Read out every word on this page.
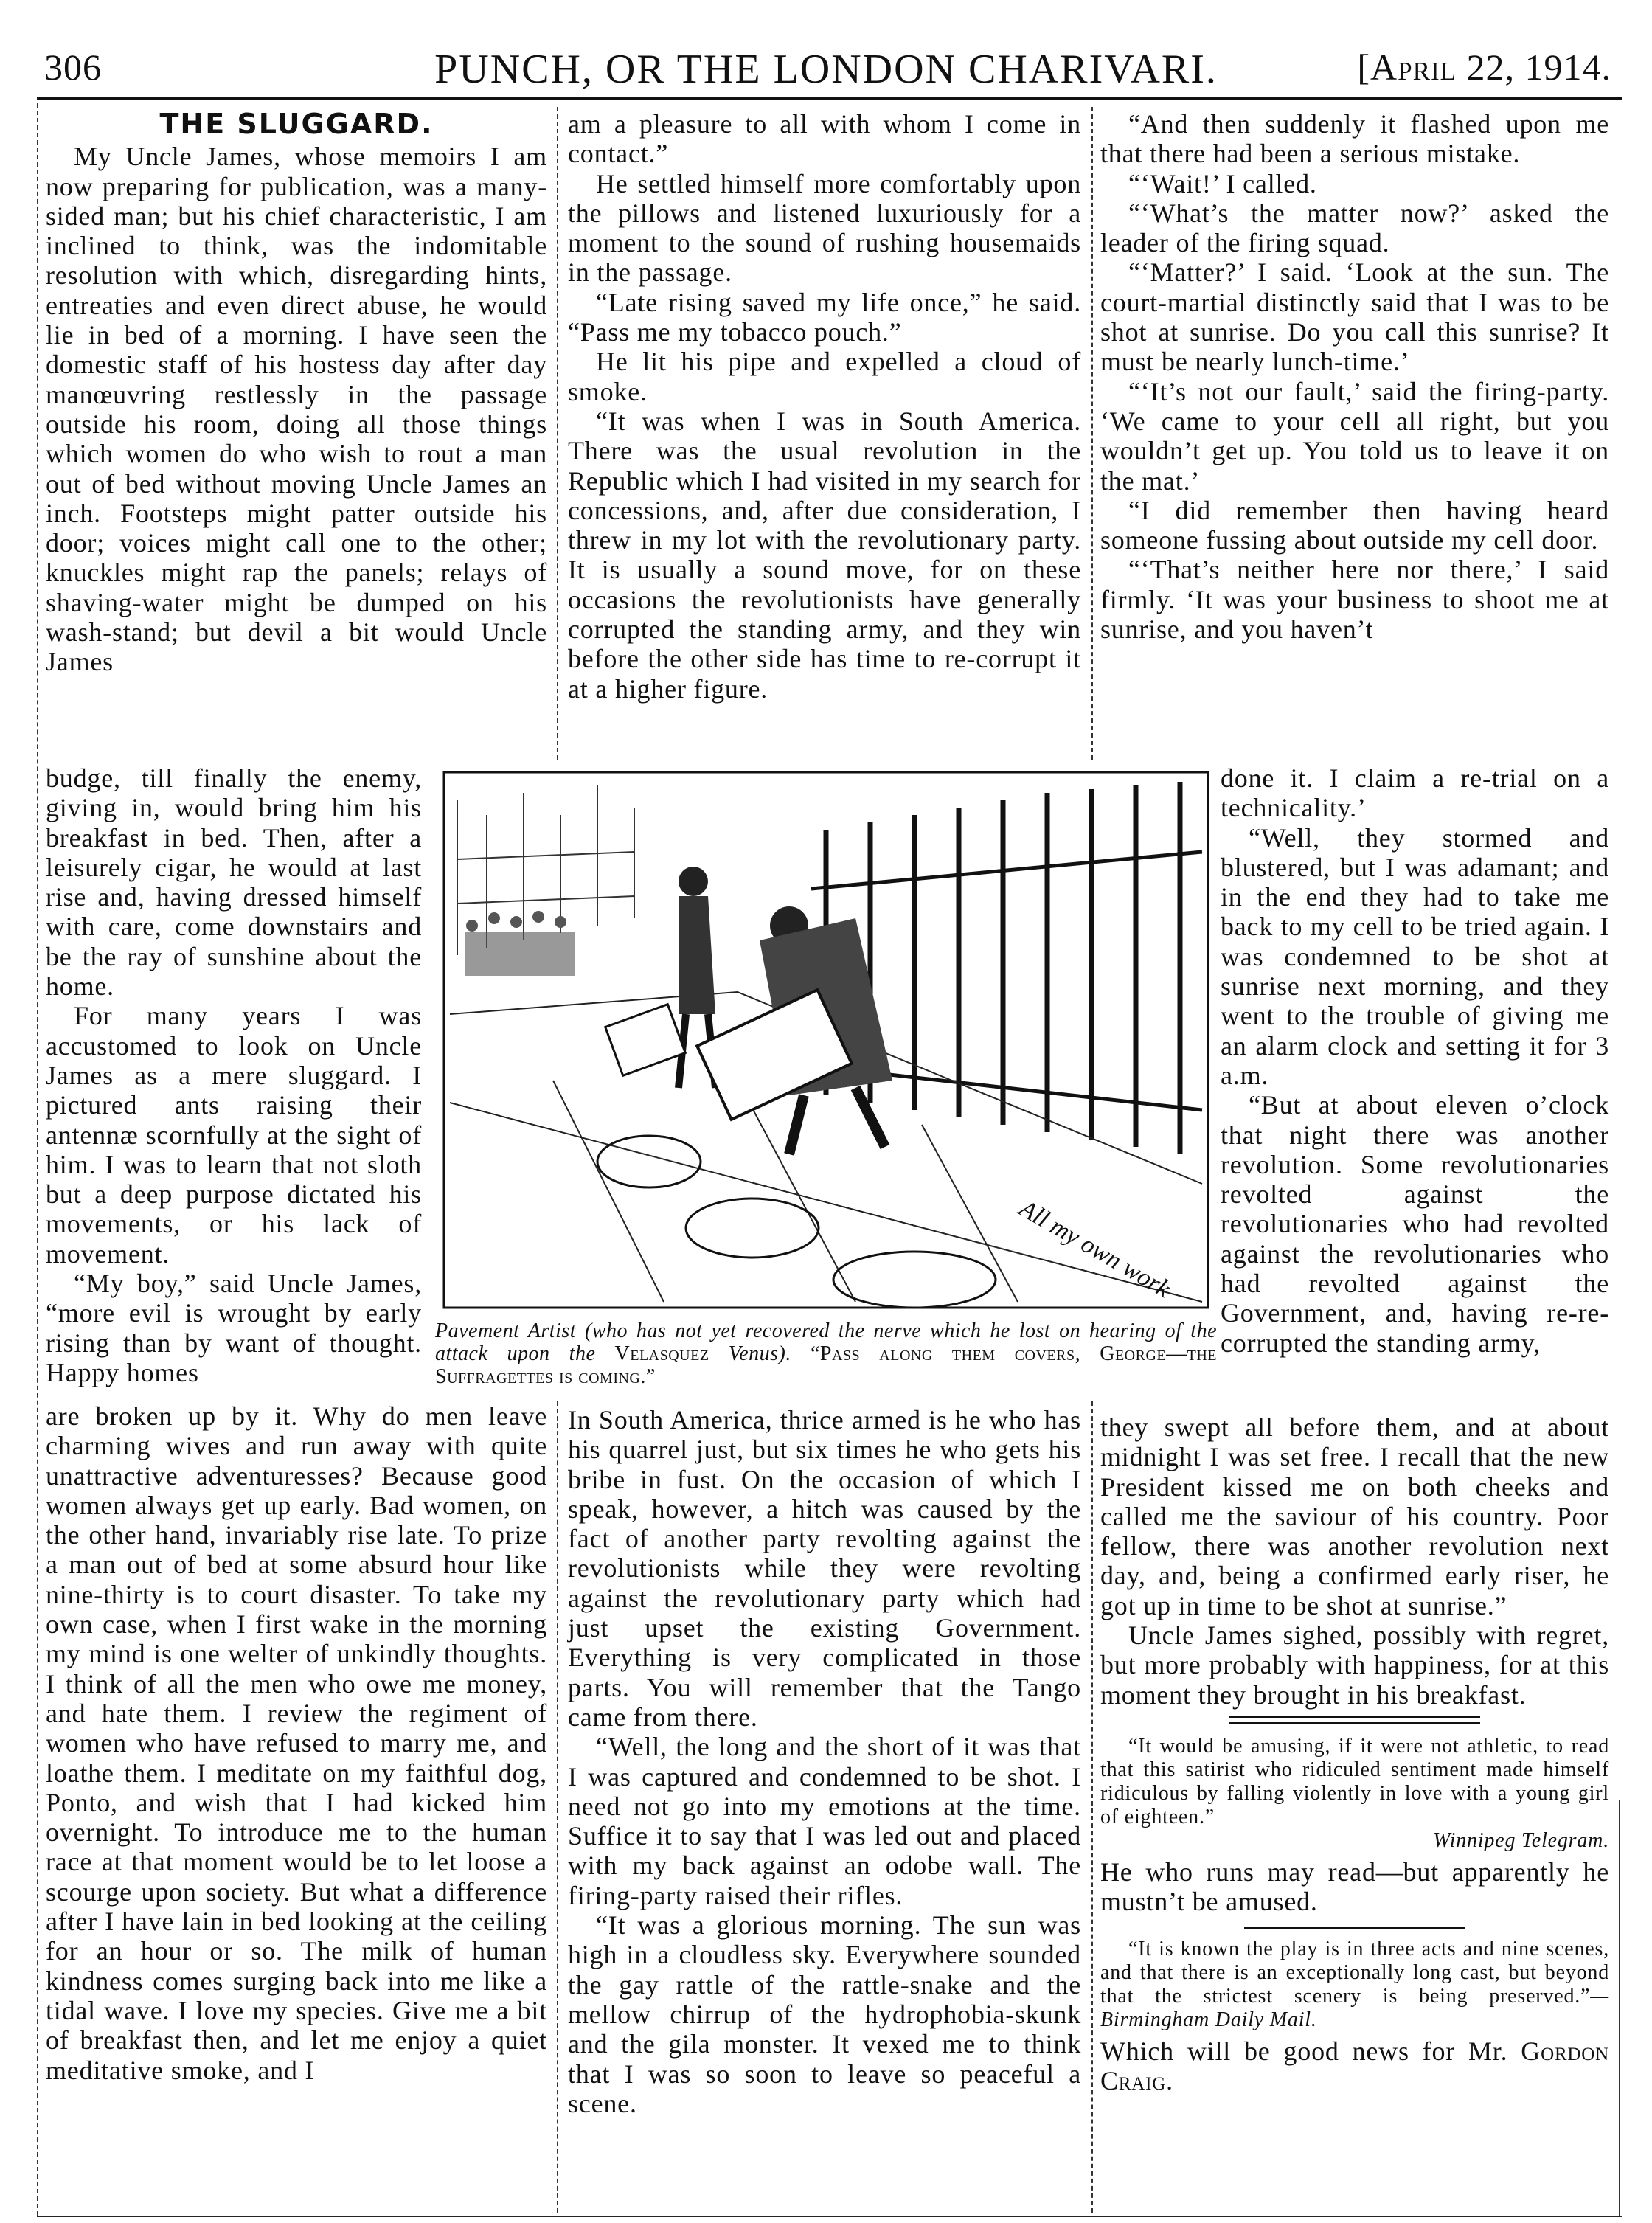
306	PUNCH, OR THE LONDON CHARIVARI.	[April 22, 1914.
THE SLUGGARD.

My Uncle James, whose memoirs I am now preparing for publication, was a many-sided man; but his chief characteristic, I am inclined to think, was the indomitable resolution with which, disregarding hints, entreaties and even direct abuse, he would lie in bed of a morning. I have seen the domestic staff of his hostess day after day manœuvring restlessly in the passage outside his room, doing all those things which women do who wish to rout a man out of bed without moving Uncle James an inch. Footsteps might patter outside his door; voices might call one to the other; knuckles might rap the panels; relays of shaving-water might be dumped on his wash-stand; but devil a bit would Uncle James

budge, till finally the enemy, giving in, would bring him his breakfast in bed. Then, after a leisurely cigar, he would at last rise and, having dressed himself with care, come downstairs and be the ray of sunshine about the home.

For many years I was accustomed to look on Uncle James as a mere sluggard. I pictured ants raising their antennæ scornfully at the sight of him. I was to learn that not sloth but a deep purpose dictated his movements, or his lack of movement.

“My boy,” said Uncle James, “more evil is wrought by early rising than by want of thought. Happy homes

are broken up by it. Why do men leave charming wives and run away with quite unattractive adventuresses? Because good women always get up early. Bad women, on the other hand, invariably rise late. To prize a man out of bed at some absurd hour like nine-thirty is to court disaster. To take my own case, when I first wake in the morning my mind is one welter of unkindly thoughts. I think of all the men who owe me money, and hate them. I review the regiment of women who have refused to marry me, and loathe them. I meditate on my faithful dog, Ponto, and wish that I had kicked him overnight. To introduce me to the human race at that moment would be to let loose a scourge upon society. But what a difference after I have lain in bed looking at the ceiling for an hour or so. The milk of human kindness comes surging back into me like a tidal wave. I love my species. Give me a bit of breakfast then, and let me enjoy a quiet meditative smoke, and I

am a pleasure to all with whom I come in contact.”

He settled himself more comfortably upon the pillows and listened luxuriously for a moment to the sound of rushing housemaids in the passage.

“Late rising saved my life once,” he said. “Pass me my tobacco pouch.”

He lit his pipe and expelled a cloud of smoke.

“It was when I was in South America. There was the usual revolution in the Republic which I had visited in my search for concessions, and, after due consideration, I threw in my lot with the revolutionary party. It is usually a sound move, for on these occasions the revolutionists have generally corrupted the standing army, and they win before the other side has time to re-corrupt it at a higher figure.

All my own work
Pavement Artist (who has not yet recovered the nerve which he lost on hearing of the attack upon the Velasquez Venus). “Pass along them covers, George—the Suffragettes is coming.”

In South America, thrice armed is he who has his quarrel just, but six times he who gets his bribe in fust. On the occasion of which I speak, however, a hitch was caused by the fact of another party revolting against the revolutionists while they were revolting against the revolutionary party which had just upset the existing Government. Everything is very complicated in those parts. You will remember that the Tango came from there.

“Well, the long and the short of it was that I was captured and condemned to be shot. I need not go into my emotions at the time. Suffice it to say that I was led out and placed with my back against an odobe wall. The firing-party raised their rifles.

“It was a glorious morning. The sun was high in a cloudless sky. Everywhere sounded the gay rattle of the rattle-snake and the mellow chirrup of the hydrophobia-skunk and the gila monster. It vexed me to think that I was so soon to leave so peaceful a scene.

“And then suddenly it flashed upon me that there had been a serious mistake.

“‘Wait!’ I called.

“‘What’s the matter now?’ asked the leader of the firing squad.

“‘Matter?’ I said. ‘Look at the sun. The court-martial distinctly said that I was to be shot at sunrise. Do you call this sunrise? It must be nearly lunch-time.’

“‘It’s not our fault,’ said the firing-party. ‘We came to your cell all right, but you wouldn’t get up. You told us to leave it on the mat.’

“I did remember then having heard someone fussing about outside my cell door.

“‘That’s neither here nor there,’ I said firmly. ‘It was your business to shoot me at sunrise, and you haven’t

done it. I claim a re-trial on a technicality.’

“Well, they stormed and blustered, but I was adamant; and in the end they had to take me back to my cell to be tried again. I was condemned to be shot at sunrise next morning, and they went to the trouble of giving me an alarm clock and setting it for 3 a.m.

“But at about eleven o’clock that night there was another revolution. Some revolutionaries revolted against the revolutionaries who had revolted against the revolutionaries who had revolted against the Government, and, having re-re-corrupted the standing army,

they swept all before them, and at about midnight I was set free. I recall that the new President kissed me on both cheeks and called me the saviour of his country. Poor fellow, there was another revolution next day, and, being a confirmed early riser, he got up in time to be shot at sunrise.”

Uncle James sighed, possibly with regret, but more probably with happiness, for at this moment they brought in his breakfast.

“It would be amusing, if it were not athletic, to read that this satirist who ridiculed sentiment made himself ridiculous by falling violently in love with a young girl of eighteen.”

Winnipeg Telegram.

He who runs may read—but apparently he mustn’t be amused.

“It is known the play is in three acts and nine scenes, and that there is an exceptionally long cast, but beyond that the strictest scenery is being preserved.”—Birmingham Daily Mail.

Which will be good news for Mr. Gordon Craig.
